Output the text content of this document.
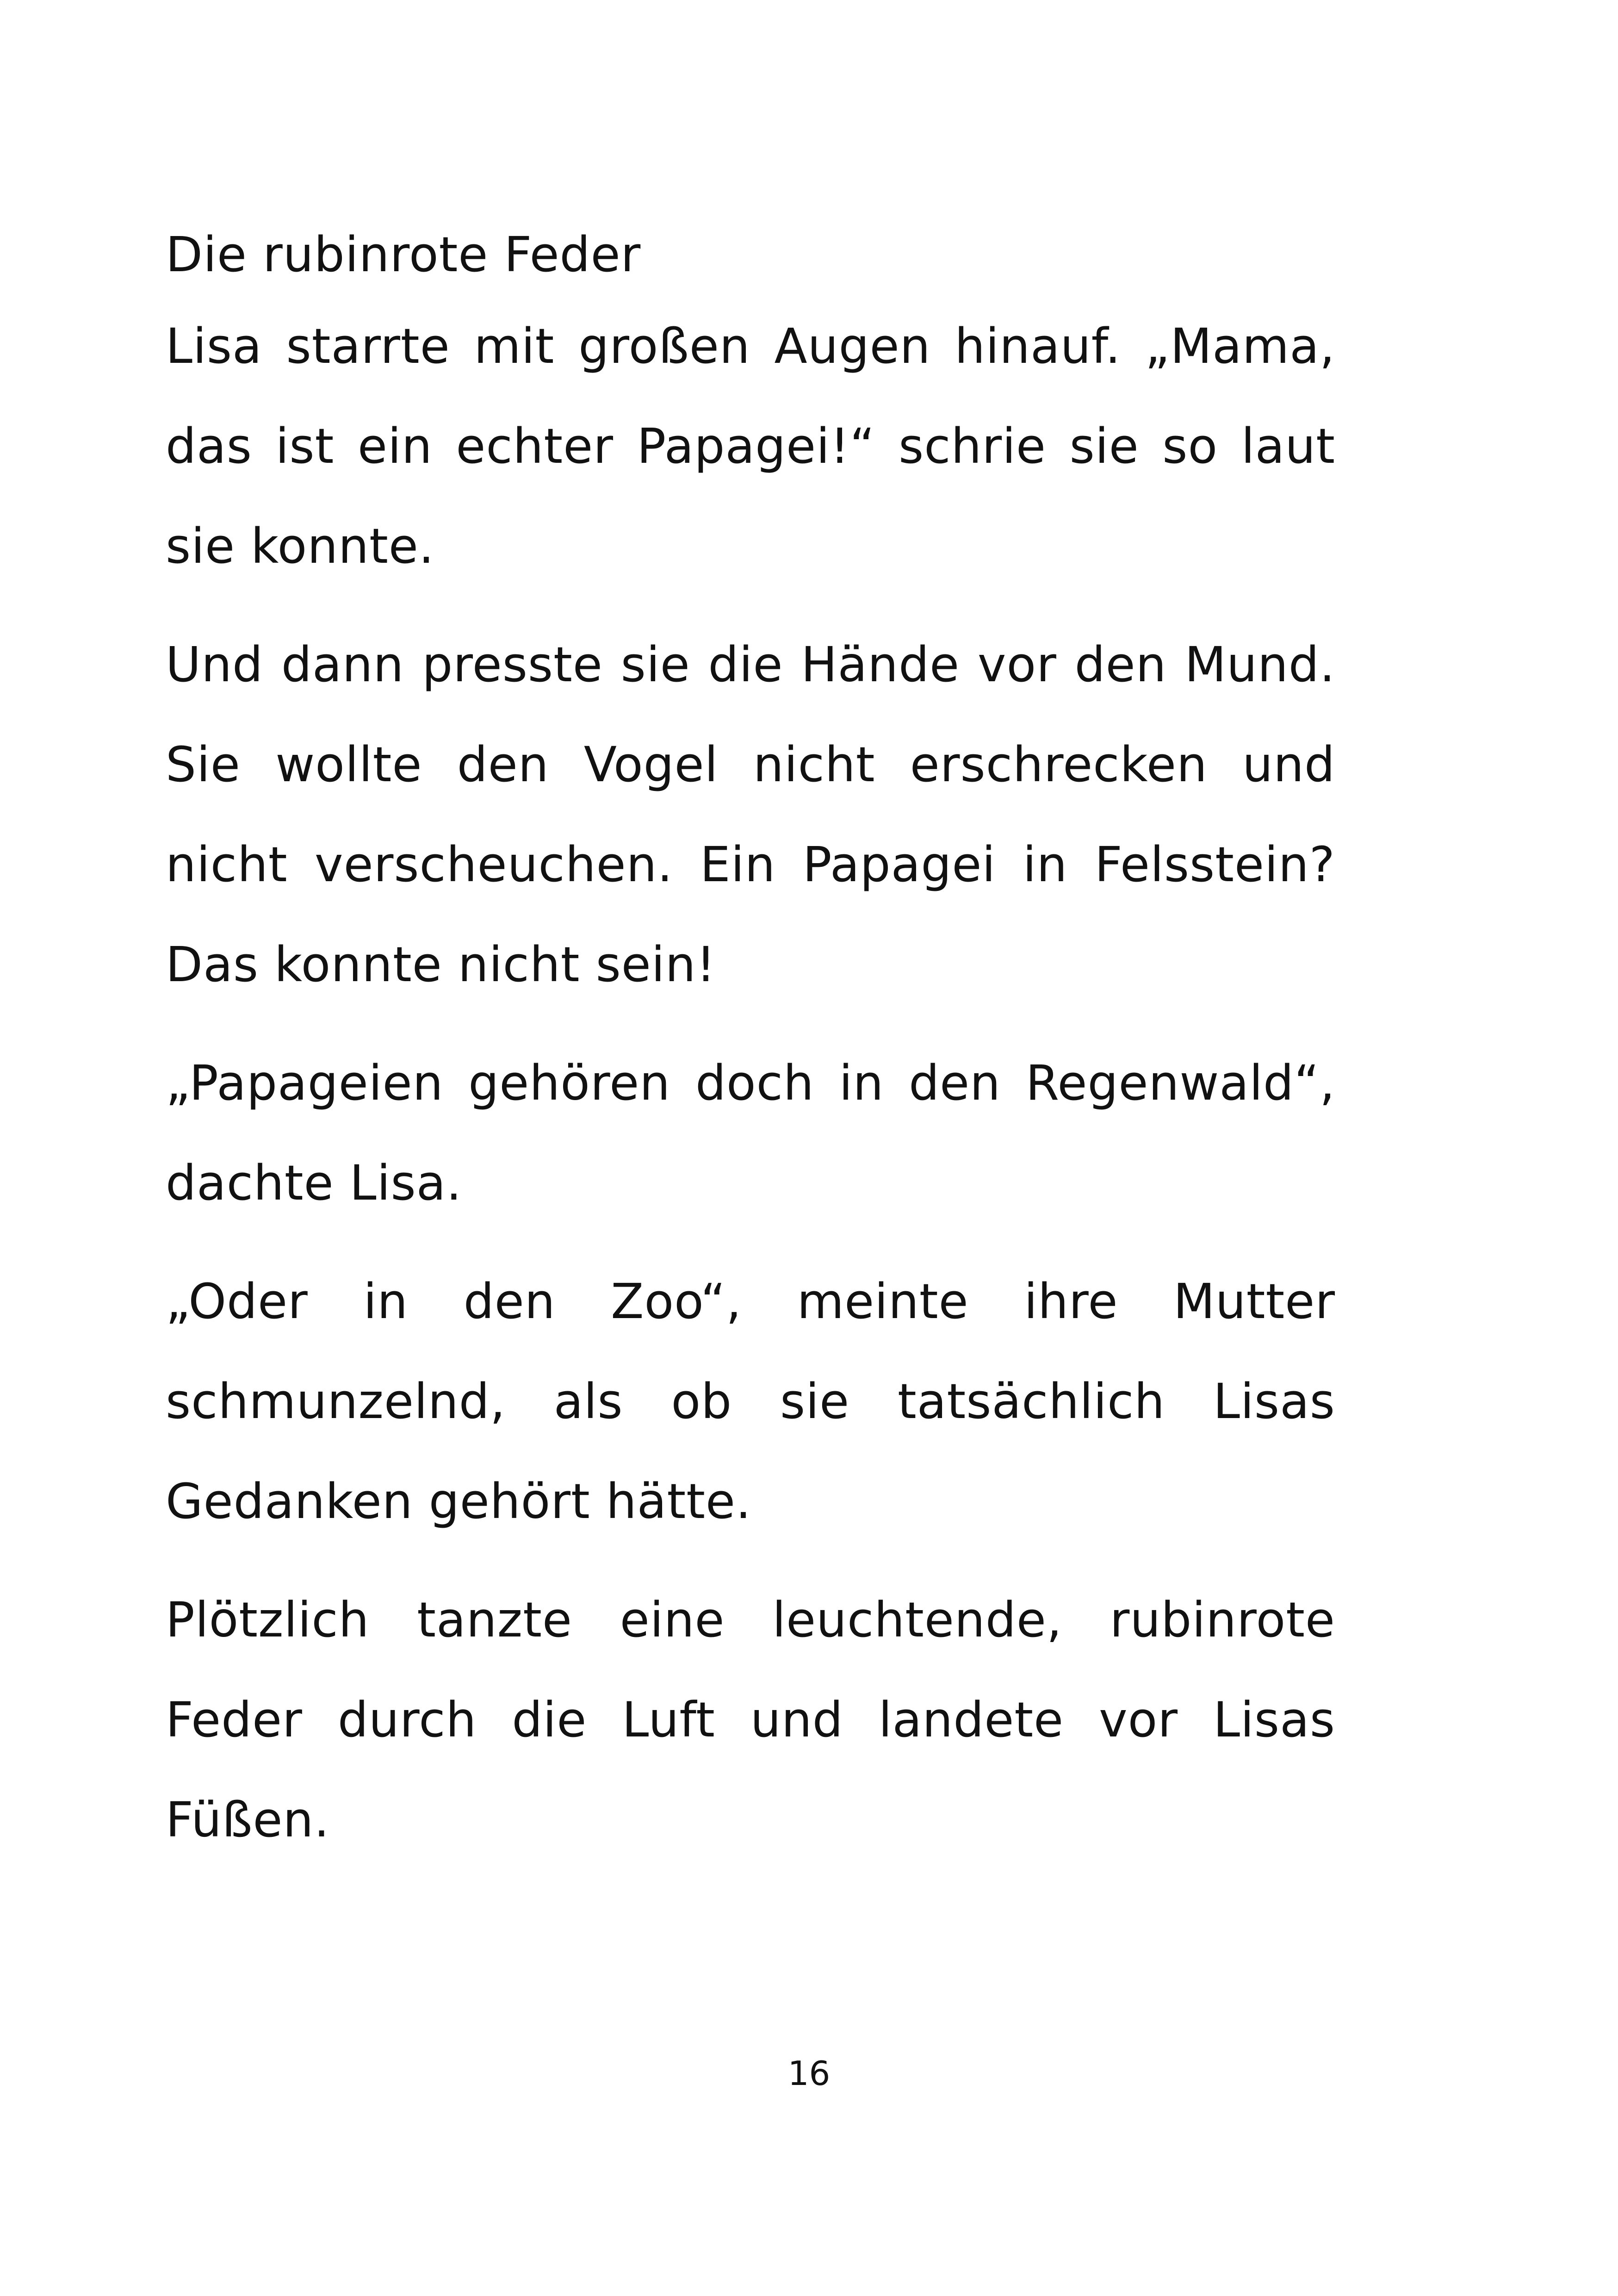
Die rubinrote Feder

Lisa starrte mit großen Augen hinauf. „Mama, das ist ein echter Papagei!“ schrie sie so laut sie konnte.

Und dann presste sie die Hände vor den Mund. Sie wollte den Vogel nicht erschrecken und nicht verscheuchen. Ein Papagei in Felsstein? Das konnte nicht sein!

„Papageien gehören doch in den Regenwald“, dachte Lisa.

„Oder in den Zoo“, meinte ihre Mutter schmunzelnd, als ob sie tatsächlich Lisas Gedanken gehört hätte.

Plötzlich tanzte eine leuchtende, rubinrote Feder durch die Luft und landete vor Lisas Füßen.

16
